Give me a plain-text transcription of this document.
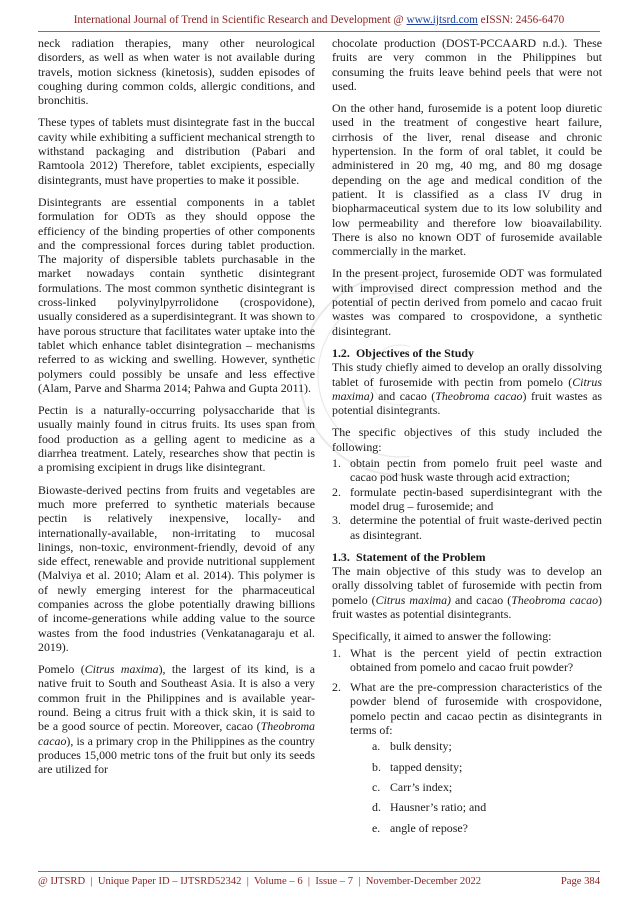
International Journal of Trend in Scientific Research and Development @ www.ijtsrd.com eISSN: 2456-6470

neck radiation therapies, many other neurological disorders, as well as when water is not available during travels, motion sickness (kinetosis), sudden episodes of coughing during common colds, allergic conditions, and bronchitis.

These types of tablets must disintegrate fast in the buccal cavity while exhibiting a sufficient mechanical strength to withstand packaging and distribution (Pabari and Ramtoola 2012) Therefore, tablet excipients, especially disintegrants, must have properties to make it possible.

Disintegrants are essential components in a tablet formulation for ODTs as they should oppose the efficiency of the binding properties of other components and the compressional forces during tablet production. The majority of dispersible tablets purchasable in the market nowadays contain synthetic disintegrant formulations. The most common synthetic disintegrant is cross-linked polyvinylpyrrolidone (crospovidone), usually considered as a superdisintegrant. It was shown to have porous structure that facilitates water uptake into the tablet which enhance tablet disintegration – mechanisms referred to as wicking and swelling. However, synthetic polymers could possibly be unsafe and less effective (Alam, Parve and Sharma 2014; Pahwa and Gupta 2011).

Pectin is a naturally-occurring polysaccharide that is usually mainly found in citrus fruits. Its uses span from food production as a gelling agent to medicine as a diarrhea treatment. Lately, researches show that pectin is a promising excipient in drugs like disintegrant.

Biowaste-derived pectins from fruits and vegetables are much more preferred to synthetic materials because pectin is relatively inexpensive, locally- and internationally-available, non-irritating to mucosal linings, non-toxic, environment-friendly, devoid of any side effect, renewable and provide nutritional supplement (Malviya et al. 2010; Alam et al. 2014). This polymer is of newly emerging interest for the pharmaceutical companies across the globe potentially drawing billions of income-generations while adding value to the source wastes from the food industries (Venkatanagaraju et al. 2019).

Pomelo (Citrus maxima), the largest of its kind, is a native fruit to South and Southeast Asia. It is also a very common fruit in the Philippines and is available year-round. Being a citrus fruit with a thick skin, it is said to be a good source of pectin. Moreover, cacao (Theobroma cacao), is a primary crop in the Philippines as the country produces 15,000 metric tons of the fruit but only its seeds are utilized for

chocolate production (DOST-PCCAARD n.d.). These fruits are very common in the Philippines but consuming the fruits leave behind peels that were not used.

On the other hand, furosemide is a potent loop diuretic used in the treatment of congestive heart failure, cirrhosis of the liver, renal disease and chronic hypertension. In the form of oral tablet, it could be administered in 20 mg, 40 mg, and 80 mg dosage depending on the age and medical condition of the patient. It is classified as a class IV drug in biopharmaceutical system due to its low solubility and low permeability and therefore low bioavailability. There is also no known ODT of furosemide available commercially in the market.

In the present project, furosemide ODT was formulated with improvised direct compression method and the potential of pectin derived from pomelo and cacao fruit wastes was compared to crospovidone, a synthetic disintegrant.

1.2. Objectives of the Study

This study chiefly aimed to develop an orally dissolving tablet of furosemide with pectin from pomelo (Citrus maxima) and cacao (Theobroma cacao) fruit wastes as potential disintegrants.

The specific objectives of this study included the following:

1. obtain pectin from pomelo fruit peel waste and cacao pod husk waste through acid extraction;
2. formulate pectin-based superdisintegrant with the model drug – furosemide; and
3. determine the potential of fruit waste-derived pectin as disintegrant.
1.3. Statement of the Problem

The main objective of this study was to develop an orally dissolving tablet of furosemide with pectin from pomelo (Citrus maxima) and cacao (Theobroma cacao) fruit wastes as potential disintegrants.

Specifically, it aimed to answer the following:

1. What is the percent yield of pectin extraction obtained from pomelo and cacao fruit powder?
2. What are the pre-compression characteristics of the powder blend of furosemide with crospovidone, pomelo pectin and cacao pectin as disintegrants in terms of:
a. bulk density;
b. tapped density;
c. Carr’s index;
d. Hausner’s ratio; and
e. angle of repose?
@ IJTSRD  |  Unique Paper ID – IJTSRD52342  |  Volume – 6  |  Issue – 7  |  November-December 2022	Page 384
